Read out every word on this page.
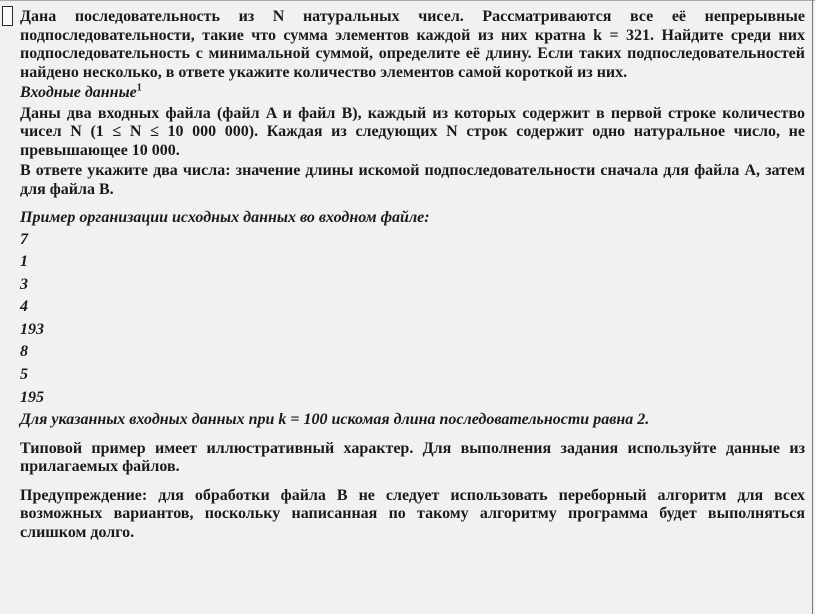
Дана последовательность из N натуральных чисел. Рассматриваются все её непрерывные подпоследовательности, такие что сумма элементов каждой из них кратна k = 321. Найдите среди них подпоследовательность с минимальной суммой, определите её длину. Если таких подпоследовательностей найдено несколько, в ответе укажите количество элементов самой короткой из них.

Входные данные$^1$

Даны два входных файла (файл A и файл B), каждый из которых содержит в первой строке количество чисел N (1 ≤ N ≤ 10 000 000). Каждая из следующих N строк содержит одно натуральное число, не превышающее 10 000.

В ответе укажите два числа: значение длины искомой подпоследовательности сначала для файла A, затем для файла B.

Пример организации исходных данных во входном файле:

7
1
3
4
193
8
5
195

Для указанных входных данных при k = 100 искомая длина последовательности равна 2.

Типовой пример имеет иллюстративный характер. Для выполнения задания используйте данные из прилагаемых файлов.

Предупреждение: для обработки файла B не следует использовать переборный алгоритм для всех возможных вариантов, поскольку написанная по такому алгоритму программа будет выполняться слишком долго.
